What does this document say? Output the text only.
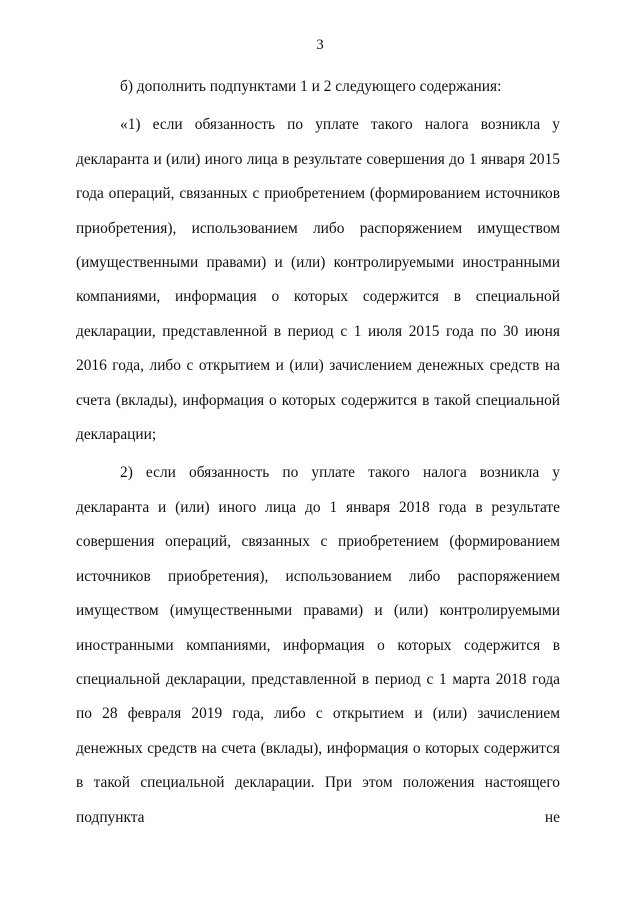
3

б) дополнить подпунктами 1 и 2 следующего содержания:

«1) если обязанность по уплате такого налога возникла у декларанта и (или) иного лица в результате совершения до 1 января 2015 года операций, связанных с приобретением (формированием источников приобретения), использованием либо распоряжением имуществом (имущественными правами) и (или) контролируемыми иностранными компаниями, информация о которых содержится в специальной декларации, представленной в период с 1 июля 2015 года по 30 июня 2016 года, либо с открытием и (или) зачислением денежных средств на счета (вклады), информация о которых содержится в такой специальной декларации;

2) если обязанность по уплате такого налога возникла у декларанта и (или) иного лица до 1 января 2018 года в результате совершения операций, связанных с приобретением (формированием источников приобретения), использованием либо распоряжением имуществом (имущественными правами) и (или) контролируемыми иностранными компаниями, информация о которых содержится в специальной декларации, представленной в период с 1 марта 2018 года по 28 февраля 2019 года, либо с открытием и (или) зачислением денежных средств на счета (вклады), информация о которых содержится в такой специальной декларации. При этом положения настоящего подпункта не
